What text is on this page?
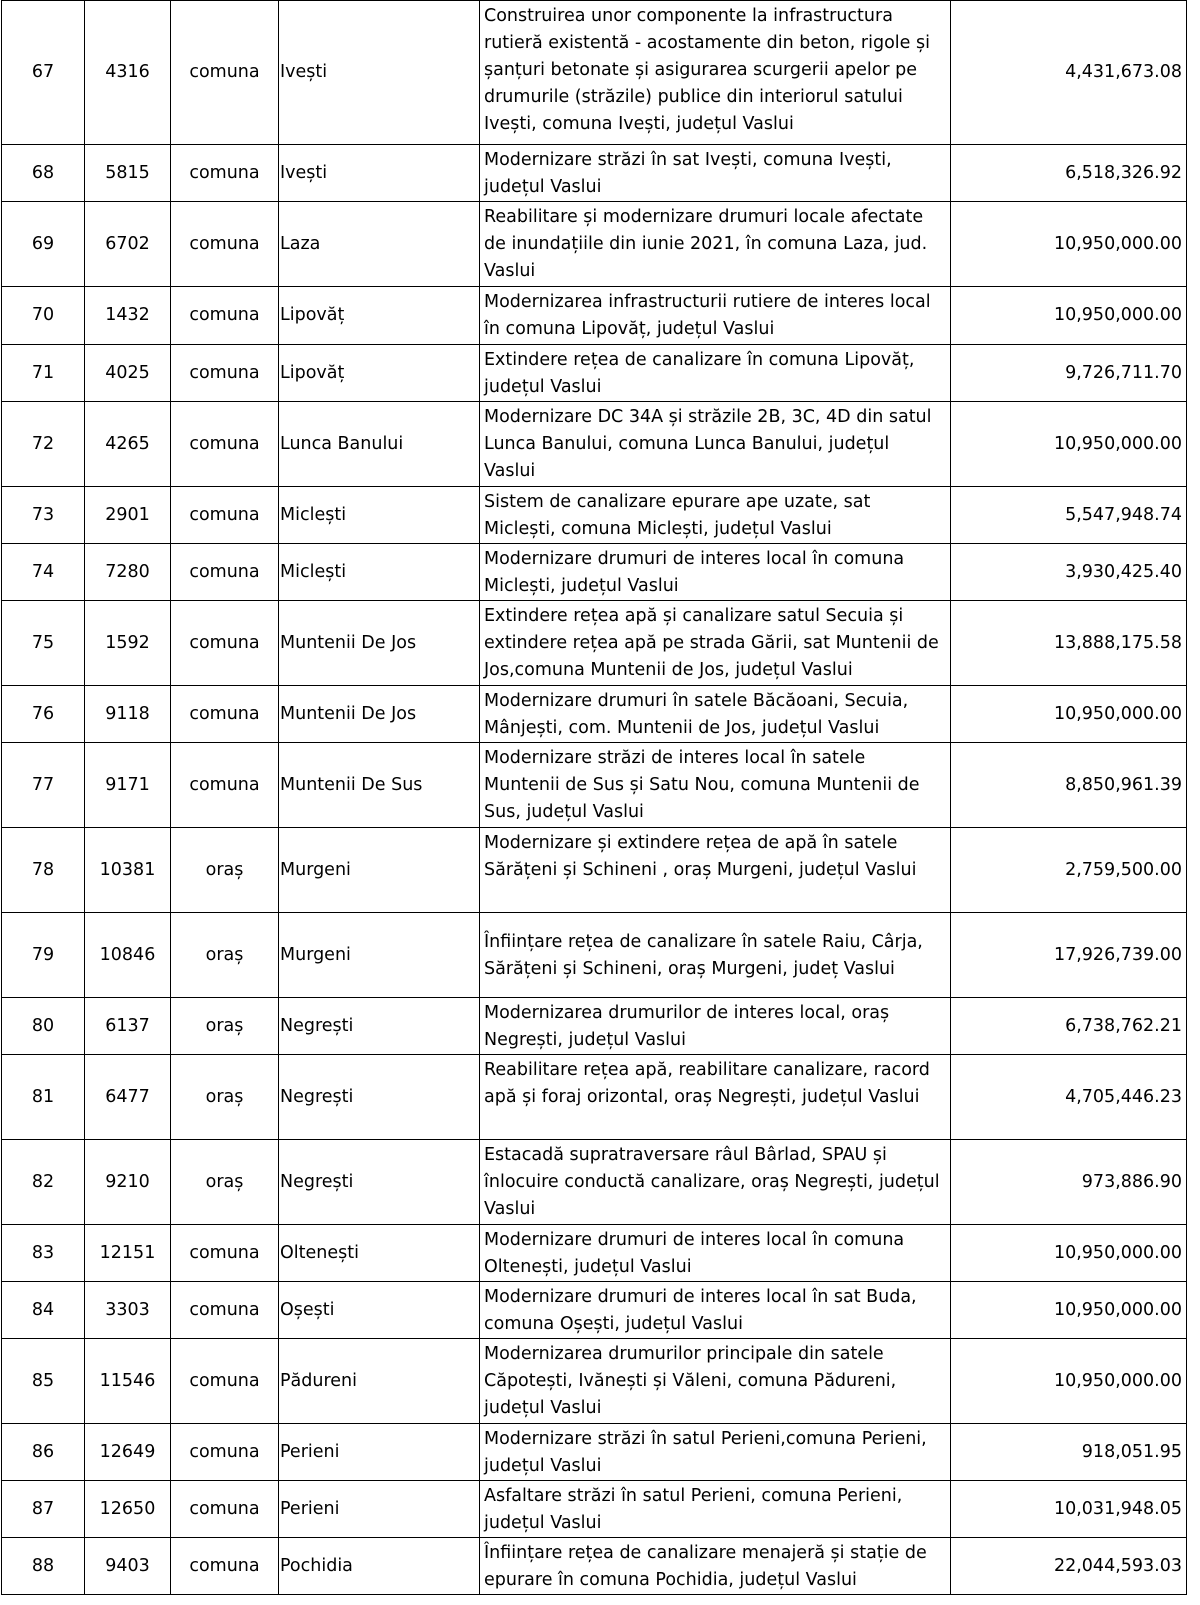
67	4316	comuna	Ivești	Construirea unor componente la infrastructura rutieră existentă - acostamente din beton, rigole și șanțuri betonate și asigurarea scurgerii apelor pe drumurile (străzile) publice din interiorul satului Ivești, comuna Ivești, județul Vaslui	4,431,673.08
68	5815	comuna	Ivești	Modernizare străzi în sat Ivești, comuna Ivești, județul Vaslui	6,518,326.92
69	6702	comuna	Laza	Reabilitare și modernizare drumuri locale afectate de inundațiile din iunie 2021, în comuna Laza, jud. Vaslui	10,950,000.00
70	1432	comuna	Lipovăț	Modernizarea infrastructurii rutiere de interes local în comuna Lipovăț, județul Vaslui	10,950,000.00
71	4025	comuna	Lipovăț	Extindere rețea de canalizare în comuna Lipovăț, județul Vaslui	9,726,711.70
72	4265	comuna	Lunca Banului	Modernizare DC 34A și străzile 2B, 3C, 4D din satul Lunca Banului, comuna Lunca Banului, județul Vaslui	10,950,000.00
73	2901	comuna	Miclești	Sistem de canalizare epurare ape uzate, sat Miclești, comuna Miclești, județul Vaslui	5,547,948.74
74	7280	comuna	Miclești	Modernizare drumuri de interes local în comuna Miclești, județul Vaslui	3,930,425.40
75	1592	comuna	Muntenii De Jos	Extindere rețea apă și canalizare satul Secuia și extindere rețea apă pe strada Gării, sat Muntenii de Jos,comuna Muntenii de Jos, județul Vaslui	13,888,175.58
76	9118	comuna	Muntenii De Jos	Modernizare drumuri în satele Băcăoani, Secuia, Mânjești, com. Muntenii de Jos, județul Vaslui	10,950,000.00
77	9171	comuna	Muntenii De Sus	Modernizare străzi de interes local în satele Muntenii de Sus și Satu Nou, comuna Muntenii de Sus, județul Vaslui	8,850,961.39
78	10381	oraș	Murgeni	Modernizare și extindere rețea de apă în satele Sărățeni și Schineni , oraș Murgeni, județul Vaslui	2,759,500.00
79	10846	oraș	Murgeni	Înființare rețea de canalizare în satele Raiu, Cârja, Sărățeni și Schineni, oraș Murgeni, județ Vaslui	17,926,739.00
80	6137	oraș	Negrești	Modernizarea drumurilor de interes local, oraș Negrești, județul Vaslui	6,738,762.21
81	6477	oraș	Negrești	Reabilitare rețea apă, reabilitare canalizare, racord apă și foraj orizontal, oraș Negrești, județul Vaslui	4,705,446.23
82	9210	oraș	Negrești	Estacadă supratraversare râul Bârlad, SPAU și înlocuire conductă canalizare, oraș Negrești, județul Vaslui	973,886.90
83	12151	comuna	Oltenești	Modernizare drumuri de interes local în comuna Oltenești, județul Vaslui	10,950,000.00
84	3303	comuna	Oșești	Modernizare drumuri de interes local în sat Buda, comuna Oșești, județul Vaslui	10,950,000.00
85	11546	comuna	Pădureni	Modernizarea drumurilor principale din satele Căpotești, Ivănești și Văleni, comuna Pădureni, județul Vaslui	10,950,000.00
86	12649	comuna	Perieni	Modernizare străzi în satul Perieni,comuna Perieni, județul Vaslui	918,051.95
87	12650	comuna	Perieni	Asfaltare străzi în satul Perieni, comuna Perieni, județul Vaslui	10,031,948.05
88	9403	comuna	Pochidia	Înființare rețea de canalizare menajeră și stație de epurare în comuna Pochidia, județul Vaslui	22,044,593.03
